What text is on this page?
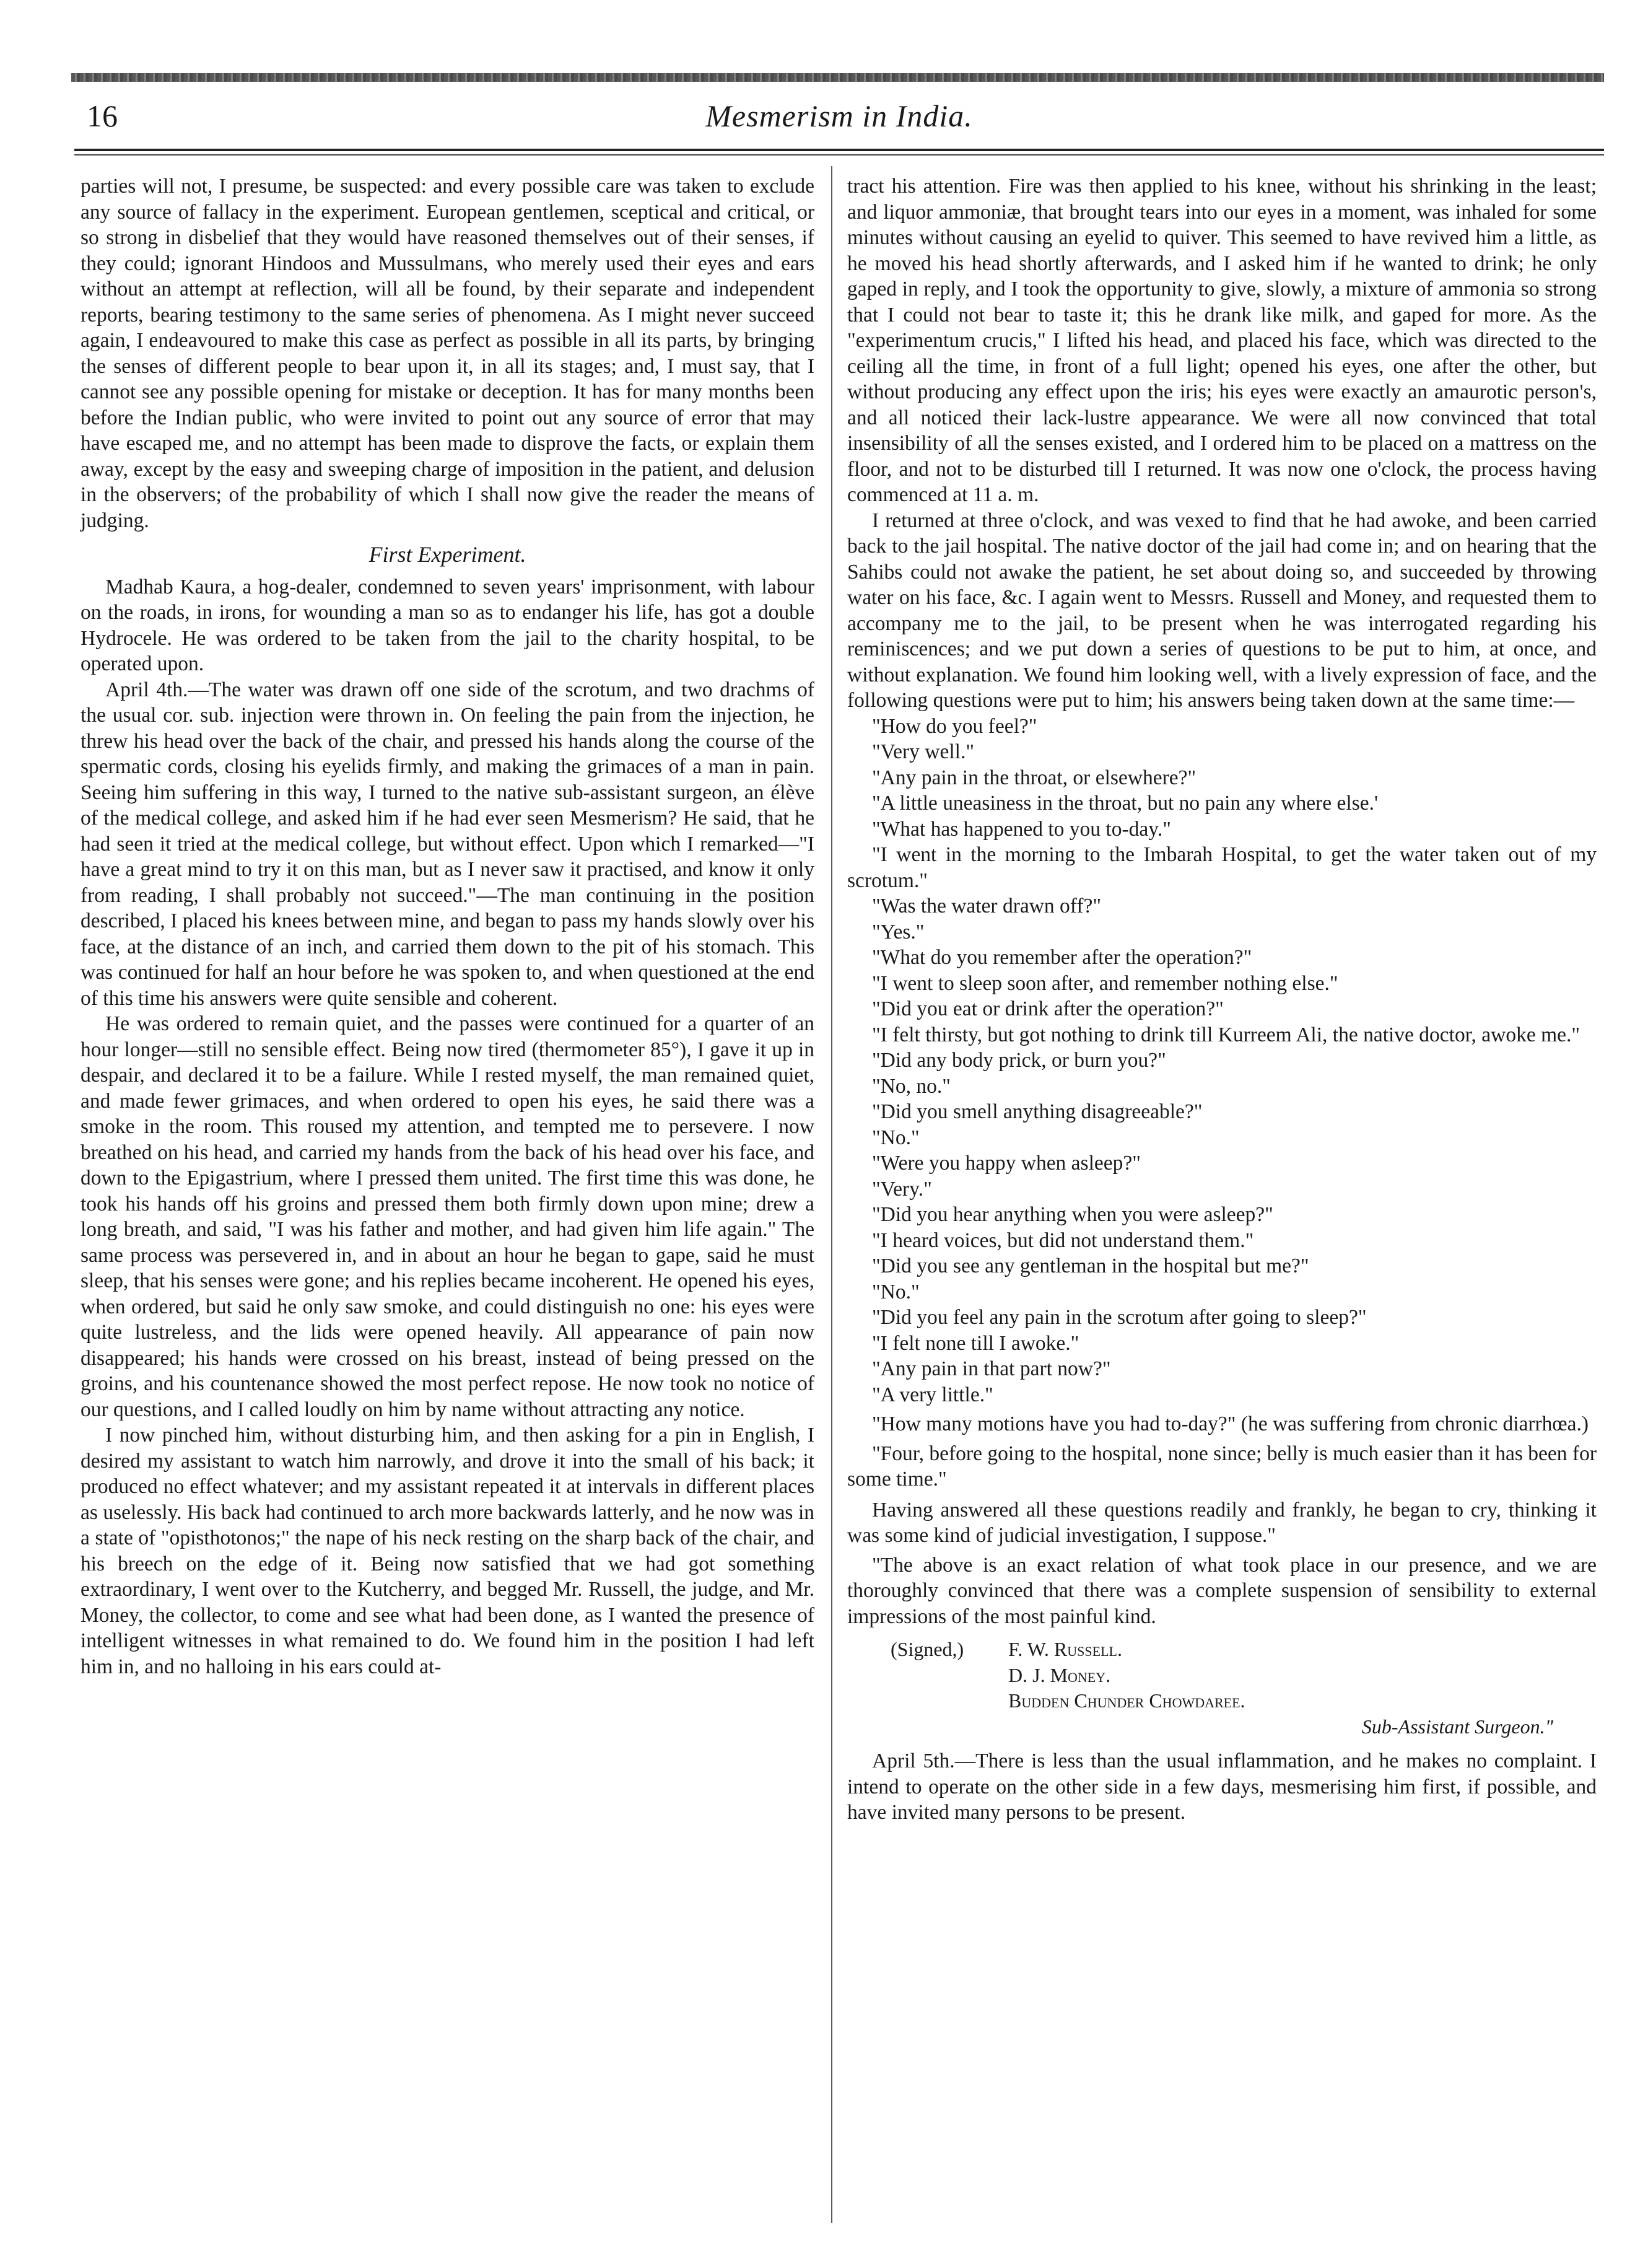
16	Mesmerism in India.

parties will not, I presume, be suspected: and every possible care was taken to exclude any source of fallacy in the experiment. European gentlemen, sceptical and critical, or so strong in disbelief that they would have reasoned themselves out of their senses, if they could; ignorant Hindoos and Mussulmans, who merely used their eyes and ears without an attempt at reflection, will all be found, by their separate and independent reports, bearing testimony to the same series of phenomena. As I might never succeed again, I endeavoured to make this case as perfect as possible in all its parts, by bringing the senses of different people to bear upon it, in all its stages; and, I must say, that I cannot see any possible opening for mistake or deception. It has for many months been before the Indian public, who were invited to point out any source of error that may have escaped me, and no attempt has been made to disprove the facts, or explain them away, except by the easy and sweeping charge of imposition in the patient, and delusion in the observers; of the probability of which I shall now give the reader the means of judging.

First Experiment.

Madhab Kaura, a hog-dealer, condemned to seven years' imprisonment, with labour on the roads, in irons, for wounding a man so as to endanger his life, has got a double Hydrocele. He was ordered to be taken from the jail to the charity hospital, to be operated upon.

April 4th.—The water was drawn off one side of the scrotum, and two drachms of the usual cor. sub. injection were thrown in. On feeling the pain from the injection, he threw his head over the back of the chair, and pressed his hands along the course of the spermatic cords, closing his eyelids firmly, and making the grimaces of a man in pain. Seeing him suffering in this way, I turned to the native sub-assistant surgeon, an élève of the medical college, and asked him if he had ever seen Mesmerism? He said, that he had seen it tried at the medical college, but without effect. Upon which I remarked—"I have a great mind to try it on this man, but as I never saw it practised, and know it only from reading, I shall probably not succeed."—The man continuing in the position described, I placed his knees between mine, and began to pass my hands slowly over his face, at the distance of an inch, and carried them down to the pit of his stomach. This was continued for half an hour before he was spoken to, and when questioned at the end of this time his answers were quite sensible and coherent.

He was ordered to remain quiet, and the passes were continued for a quarter of an hour longer—still no sensible effect. Being now tired (thermometer 85°), I gave it up in despair, and declared it to be a failure. While I rested myself, the man remained quiet, and made fewer grimaces, and when ordered to open his eyes, he said there was a smoke in the room. This roused my attention, and tempted me to persevere. I now breathed on his head, and carried my hands from the back of his head over his face, and down to the Epigastrium, where I pressed them united. The first time this was done, he took his hands off his groins and pressed them both firmly down upon mine; drew a long breath, and said, "I was his father and mother, and had given him life again." The same process was persevered in, and in about an hour he began to gape, said he must sleep, that his senses were gone; and his replies became incoherent. He opened his eyes, when ordered, but said he only saw smoke, and could distinguish no one: his eyes were quite lustreless, and the lids were opened heavily. All appearance of pain now disappeared; his hands were crossed on his breast, instead of being pressed on the groins, and his countenance showed the most perfect repose. He now took no notice of our questions, and I called loudly on him by name without attracting any notice.

I now pinched him, without disturbing him, and then asking for a pin in English, I desired my assistant to watch him narrowly, and drove it into the small of his back; it produced no effect whatever; and my assistant repeated it at intervals in different places as uselessly. His back had continued to arch more backwards latterly, and he now was in a state of "opisthotonos;" the nape of his neck resting on the sharp back of the chair, and his breech on the edge of it. Being now satisfied that we had got something extraordinary, I went over to the Kutcherry, and begged Mr. Russell, the judge, and Mr. Money, the collector, to come and see what had been done, as I wanted the presence of intelligent witnesses in what remained to do. We found him in the position I had left him in, and no halloing in his ears could at-

tract his attention. Fire was then applied to his knee, without his shrinking in the least; and liquor ammoniæ, that brought tears into our eyes in a moment, was inhaled for some minutes without causing an eyelid to quiver. This seemed to have revived him a little, as he moved his head shortly afterwards, and I asked him if he wanted to drink; he only gaped in reply, and I took the opportunity to give, slowly, a mixture of ammonia so strong that I could not bear to taste it; this he drank like milk, and gaped for more. As the "experimentum crucis," I lifted his head, and placed his face, which was directed to the ceiling all the time, in front of a full light; opened his eyes, one after the other, but without producing any effect upon the iris; his eyes were exactly an amaurotic person's, and all noticed their lack-lustre appearance. We were all now convinced that total insensibility of all the senses existed, and I ordered him to be placed on a mattress on the floor, and not to be disturbed till I returned. It was now one o'clock, the process having commenced at 11 a. m.

I returned at three o'clock, and was vexed to find that he had awoke, and been carried back to the jail hospital. The native doctor of the jail had come in; and on hearing that the Sahibs could not awake the patient, he set about doing so, and succeeded by throwing water on his face, &c. I again went to Messrs. Russell and Money, and requested them to accompany me to the jail, to be present when he was interrogated regarding his reminiscences; and we put down a series of questions to be put to him, at once, and without explanation. We found him looking well, with a lively expression of face, and the following questions were put to him; his answers being taken down at the same time:—

"How do you feel?"

"Very well."

"Any pain in the throat, or elsewhere?"

"A little uneasiness in the throat, but no pain any where else.'

"What has happened to you to-day."

"I went in the morning to the Imbarah Hospital, to get the water taken out of my scrotum."

"Was the water drawn off?"

"Yes."

"What do you remember after the operation?"

"I went to sleep soon after, and remember nothing else."

"Did you eat or drink after the operation?"

"I felt thirsty, but got nothing to drink till Kurreem Ali, the native doctor, awoke me."

"Did any body prick, or burn you?"

"No, no."

"Did you smell anything disagreeable?"

"No."

"Were you happy when asleep?"

"Very."

"Did you hear anything when you were asleep?"

"I heard voices, but did not understand them."

"Did you see any gentleman in the hospital but me?"

"No."

"Did you feel any pain in the scrotum after going to sleep?"

"I felt none till I awoke."

"Any pain in that part now?"

"A very little."

"How many motions have you had to-day?" (he was suffering from chronic diarrhœa.)

"Four, before going to the hospital, none since; belly is much easier than it has been for some time."

Having answered all these questions readily and frankly, he began to cry, thinking it was some kind of judicial investigation, I suppose."

"The above is an exact relation of what took place in our presence, and we are thoroughly convinced that there was a complete suspension of sensibility to external impressions of the most painful kind.

(Signed,)	F. W. Russell.
D. J. Money.
Budden Chunder Chowdaree.
Sub-Assistant Surgeon."

April 5th.—There is less than the usual inflammation, and he makes no complaint. I intend to operate on the other side in a few days, mesmerising him first, if possible, and have invited many persons to be present.
